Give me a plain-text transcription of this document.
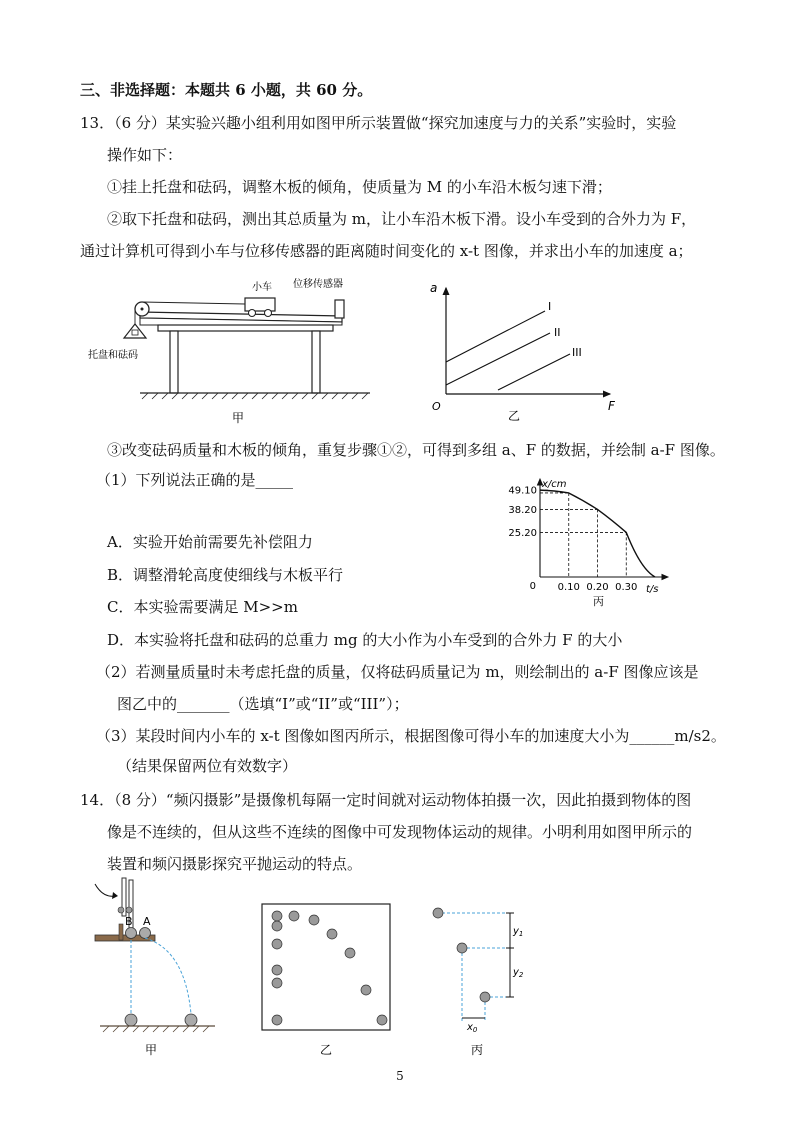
三、非选择题：本题共 6 小题，共 60 分。
13．（6 分）某实验兴趣小组利用如图甲所示装置做“探究加速度与力的关系”实验时，实验
操作如下：
①挂上托盘和砝码，调整木板的倾角，使质量为 M 的小车沿木板匀速下滑；
②取下托盘和砝码，测出其总质量为 m，让小车沿木板下滑。设小车受到的合外力为 F，
通过计算机可得到小车与位移传感器的距离随时间变化的 x-t 图像，并求出小车的加速度 a；
③改变砝码质量和木板的倾角，重复步骤①②，可得到多组 a、F 的数据，并绘制 a-F 图像。
（1）下列说法正确的是_____
A．实验开始前需要先补偿阻力
B．调整滑轮高度使细线与木板平行
C．本实验需要满足 M>>m
D．本实验将托盘和砝码的总重力 mg 的大小作为小车受到的合外力 F 的大小
（2）若测量质量时未考虑托盘的质量，仅将砝码质量记为 m，则绘制出的 a-F 图像应该是
图乙中的_______（选填“I”或“II”或“III”）；
（3）某段时间内小车的 x-t 图像如图丙所示，根据图像可得小车的加速度大小为______m/s2。
（结果保留两位有效数字）
14．（8 分）“频闪摄影”是摄像机每隔一定时间就对运动物体拍摄一次，因此拍摄到物体的图
像是不连续的，但从这些不连续的图像中可发现物体运动的规律。小明利用如图甲所示的
装置和频闪摄影探究平抛运动的特点。
小车 位移传感器
托盘和砝码
甲
I
II
III
a
F
O
乙
x/cm
t/s
0
49.10
38.20
25.20
0.10 0.20 0.30
丙
B A
甲	乙
$y_1$
$y_2$
$x_0$
丙
5
